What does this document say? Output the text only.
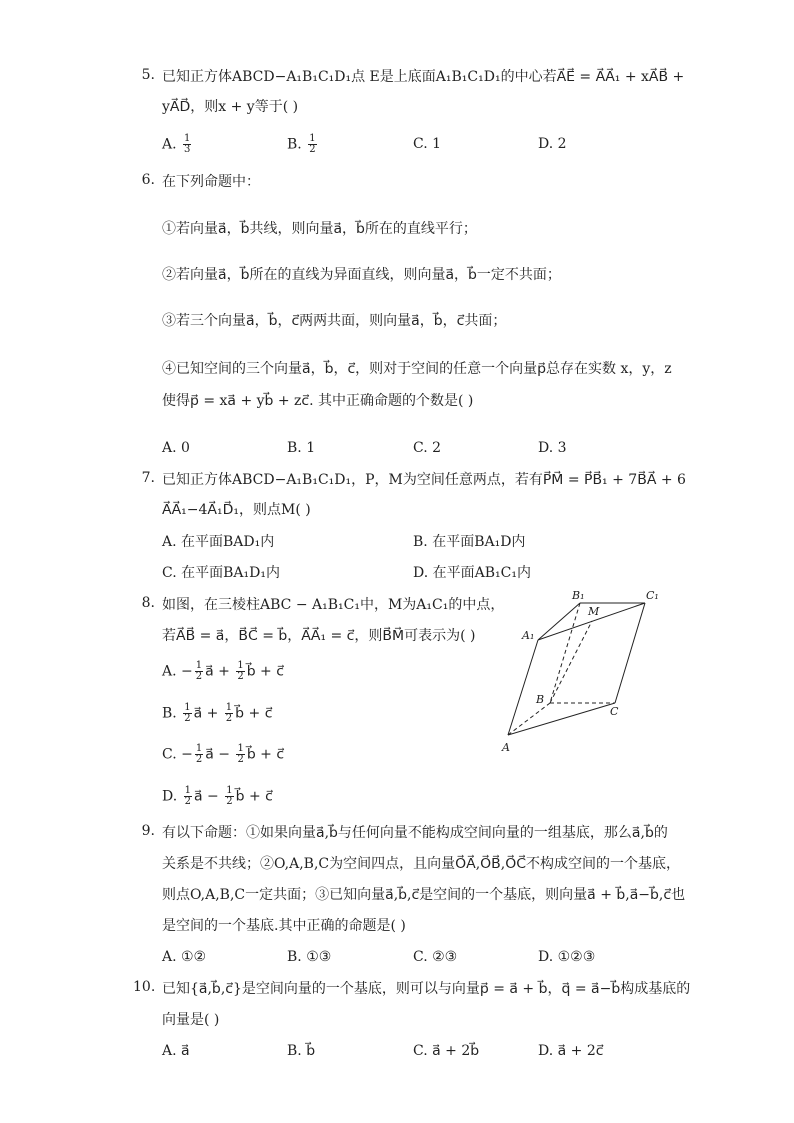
5. 已知正方体ABCD−A₁B₁C₁D₁点 E是上底面A₁B₁C₁D₁的中心若A⃗E⃗ = A⃗A⃗₁ + xA⃗B⃗ +
yA⃗D⃗，则x + y等于( )
A. $\frac{1}{3}$	B. $\frac{1}{2}$	C. 1	D. 2
6. 在下列命题中：
①若向量a⃗，b⃗共线，则向量a⃗，b⃗所在的直线平行；
②若向量a⃗，b⃗所在的直线为异面直线，则向量a⃗，b⃗一定不共面；
③若三个向量a⃗，b⃗，c⃗两两共面，则向量a⃗，b⃗，c⃗共面；
④已知空间的三个向量a⃗，b⃗，c⃗，则对于空间的任意一个向量p⃗总存在实数 x，y，z
使得p⃗ = xa⃗ + yb⃗ + zc⃗. 其中正确命题的个数是( )
A. 0	B. 1	C. 2	D. 3
7. 已知正方体ABCD−A₁B₁C₁D₁，P，M为空间任意两点，若有P⃗M⃗ = P⃗B⃗₁ + 7B⃗A⃗ + 6
A⃗A⃗₁−4A⃗₁D⃗₁，则点M( )
A. 在平面BAD₁内	B. 在平面BA₁D内
C. 在平面BA₁D₁内	D. 在平面AB₁C₁内
8. 如图，在三棱柱ABC − A₁B₁C₁中，M为A₁C₁的中点，
若A⃗B⃗ = a⃗，B⃗C⃗ = b⃗，A⃗A⃗₁ = c⃗，则B⃗M⃗可表示为( )
A. − $\frac{1}{2}$ a⃗ + $\frac{1}{2}$ b⃗ + c⃗
B. $\frac{1}{2}$ a⃗ + $\frac{1}{2}$ b⃗ + c⃗
C. − $\frac{1}{2}$ a⃗ − $\frac{1}{2}$ b⃗ + c⃗
D. $\frac{1}{2}$ a⃗ − $\frac{1}{2}$ b⃗ + c⃗
B₁	C₁
M
A₁
B
C
A
9. 有以下命题：①如果向量a⃗,b⃗与任何向量不能构成空间向量的一组基底，那么a⃗,b⃗的
关系是不共线；②O,A,B,C为空间四点，且向量O⃗A⃗,O⃗B⃗,O⃗C⃗不构成空间的一个基底，
则点O,A,B,C一定共面；③已知向量a⃗,b⃗,c⃗是空间的一个基底，则向量a⃗ + b⃗,a⃗−b⃗,c⃗也
是空间的一个基底.其中正确的命题是( )
A. ①②	B. ①③	C. ②③	D. ①②③
10. 已知{a⃗,b⃗,c⃗}是空间向量的一个基底，则可以与向量p⃗ = a⃗ + b⃗，q⃗ = a⃗−b⃗构成基底的
向量是( )
A. a⃗	B. b⃗	C. a⃗ + 2b⃗	D. a⃗ + 2c⃗
